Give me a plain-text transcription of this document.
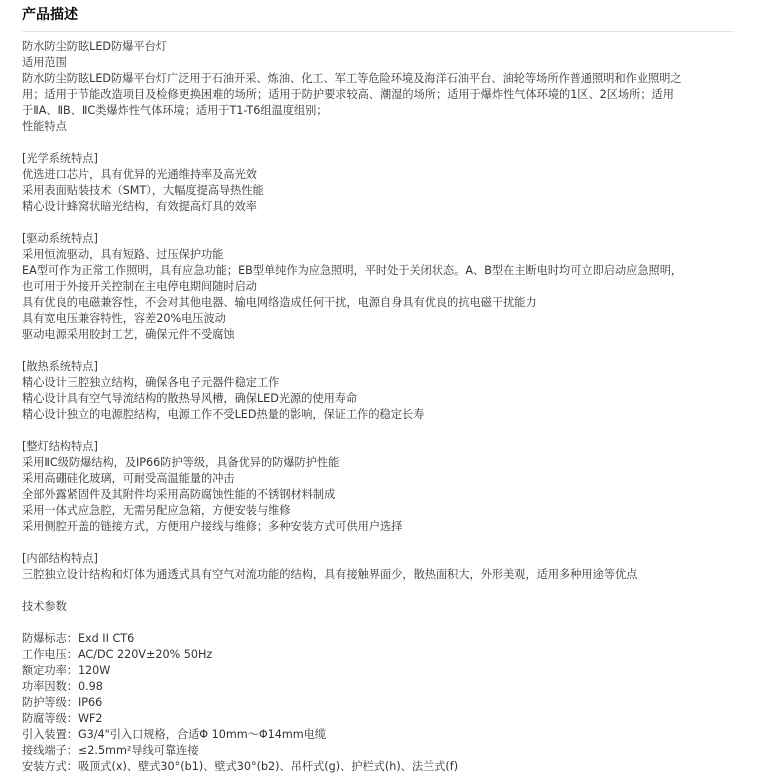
产品描述
防水防尘防眩LED防爆平台灯
适用范围
防水防尘防眩LED防爆平台灯广泛用于石油开采、炼油、化工、军工等危险环境及海洋石油平台、油轮等场所作普通照明和作业照明之
用；适用于节能改造项目及检修更换困难的场所；适用于防护要求较高、潮湿的场所；适用于爆炸性气体环境的1区、2区场所；适用
于ⅡA、ⅡB、ⅡC类爆炸性气体环境；适用于T1-T6组温度组别；
性能特点
[光学系统特点]
优选进口芯片，具有优异的光通维持率及高光效
采用表面贴装技术（SMT），大幅度提高导热性能
精心设计蜂窝状暗光结构，有效提高灯具的效率
[驱动系统特点]
采用恒流驱动，具有短路、过压保护功能
EA型可作为正常工作照明，具有应急功能；EB型单纯作为应急照明，平时处于关闭状态。A、B型在主断电时均可立即启动应急照明，
也可用于外接开关控制在主电停电期间随时启动
具有优良的电磁兼容性，不会对其他电器、输电网络造成任何干扰，电源自身具有优良的抗电磁干扰能力
具有宽电压兼容特性，容差20%电压波动
驱动电源采用胶封工艺，确保元件不受腐蚀
[散热系统特点]
精心设计三腔独立结构，确保各电子元器件稳定工作
精心设计具有空气导流结构的散热导风槽，确保LED光源的使用寿命
精心设计独立的电源腔结构，电源工作不受LED热量的影响，保证工作的稳定长寿
[整灯结构特点]
采用ⅡC级防爆结构，及IP66防护等级，具备优异的防爆防护性能
采用高硼硅化玻璃，可耐受高温能量的冲击
全部外露紧固件及其附件均采用高防腐蚀性能的不锈钢材料制成
采用一体式应急腔，无需另配应急箱，方便安装与维修
采用侧腔开盖的链接方式，方便用户接线与维修；多种安装方式可供用户选择
[内部结构特点]
三腔独立设计结构和灯体为通透式具有空气对流功能的结构，具有接触界面少，散热面积大，外形美观，适用多种用途等优点
技术参数
防爆标志：Exd II CT6
工作电压：AC/DC 220V±20% 50Hz
额定功率：120W
功率因数：0.98
防护等级：IP66
防腐等级：WF2
引入装置：G3/4"引入口规格，合适Φ 10mm～Φ14mm电缆
接线端子：≤2.5mm²导线可靠连接
安装方式：吸顶式(x)、壁式30°(b1)、壁式30°(b2)、吊杆式(g)、护栏式(h)、法兰式(f)
